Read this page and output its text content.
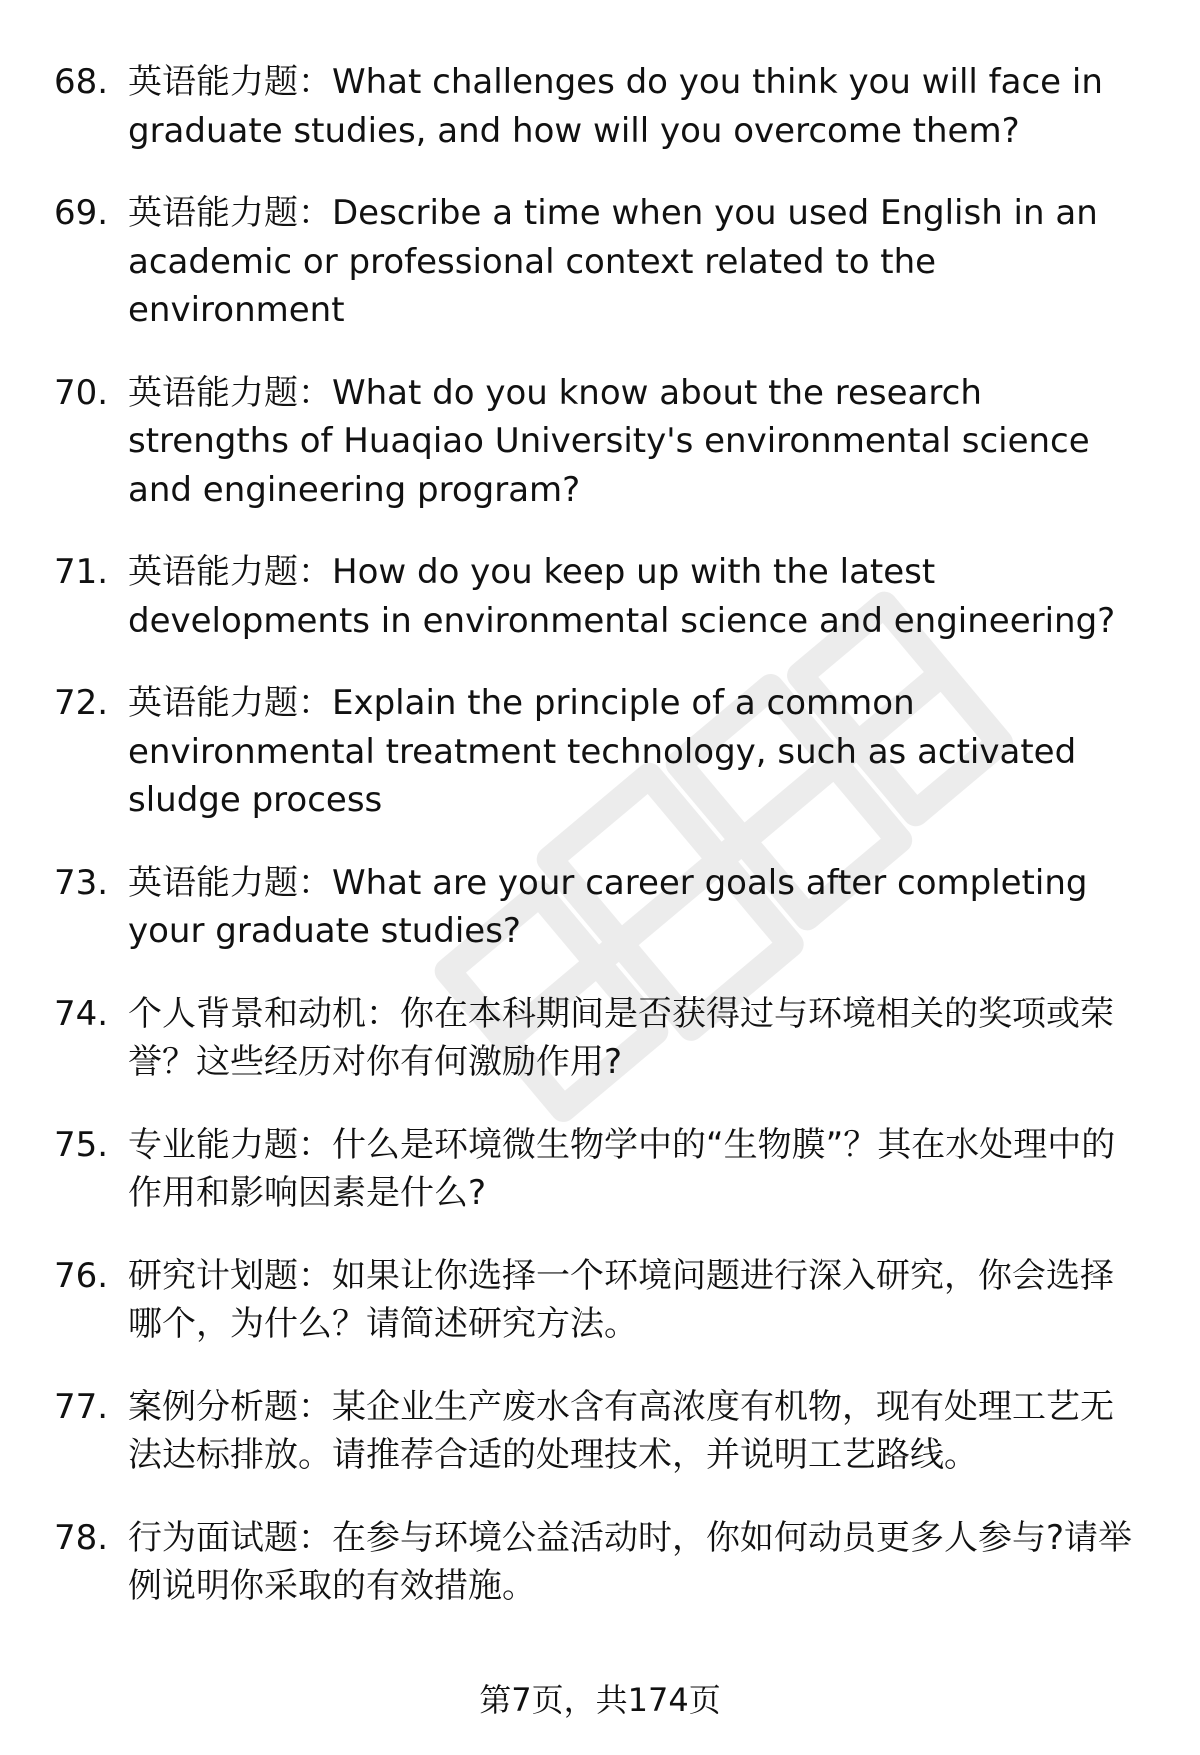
68. 英语能力题：What challenges do you think you will face in graduate studies, and how will you overcome them?
69. 英语能力题：Describe a time when you used English in an academic or professional context related to the environment
70. 英语能力题：What do you know about the research strengths of Huaqiao University's environmental science and engineering program?
71. 英语能力题：How do you keep up with the latest developments in environmental science and engineering?
72. 英语能力题：Explain the principle of a common environmental treatment technology, such as activated sludge process
73. 英语能力题：What are your career goals after completing your graduate studies?
74. 个人背景和动机：你在本科期间是否获得过与环境相关的奖项或荣誉？这些经历对你有何激励作用?
75. 专业能力题：什么是环境微生物学中的“生物膜”？其在水处理中的作用和影响因素是什么?
76. 研究计划题：如果让你选择一个环境问题进行深入研究，你会选择哪个，为什么？请简述研究方法。
77. 案例分析题：某企业生产废水含有高浓度有机物，现有处理工艺无法达标排放。请推荐合适的处理技术，并说明工艺路线。
78. 行为面试题：在参与环境公益活动时，你如何动员更多人参与?请举例说明你采取的有效措施。
第7页，共174页
